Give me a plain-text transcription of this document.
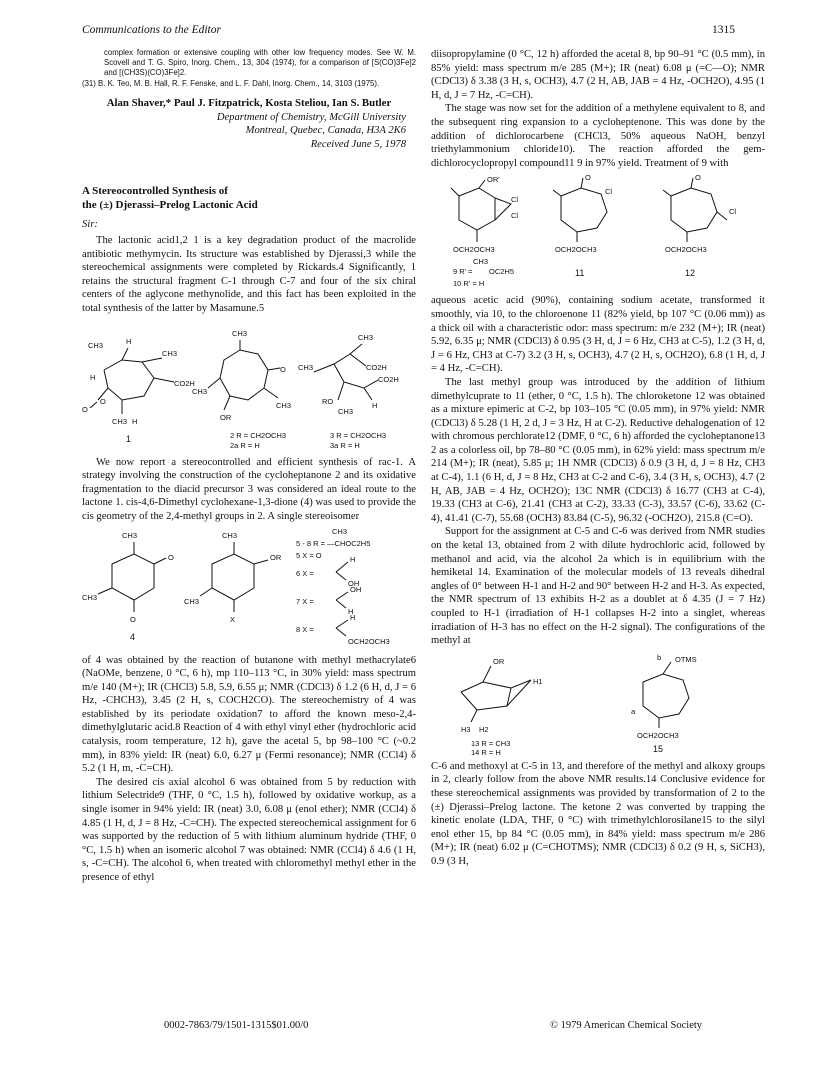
Communications to the Editor	1315

complex formation or extensive coupling with other low frequency modes. See W. M. Scovell and T. G. Spiro, Inorg. Chem., 13, 304 (1974), for a comparison of [S(CO)3Fe]2 and [(CH3S)(CO)3Fe]2.

(31) B. K. Teo, M. B. Hall, R. F. Fenske, and L. F. Dahl, Inorg. Chem., 14, 3103 (1975).

Alan Shaver,* Paul J. Fitzpatrick, Kosta Steliou, Ian S. Butler
Department of Chemistry, McGill University
Montreal, Quebec, Canada, H3A 2K6
Received June 5, 1978
A Stereocontrolled Synthesis of
the (±) Djerassi–Prelog Lactonic Acid
Sir:

The lactonic acid1,2 1 is a key degradation product of the macrolide antibiotic methymycin. Its structure was established by Djerassi,3 while the stereochemical assignments were completed by Rickards.4 Significantly, 1 retains the structural fragment C-1 through C-7 and four of the six chiral centers of the aglycone methynolide, and this fact has been exploited in the total synthesis of the latter by Masamune.5

CH3	H
CH3
H
CO2H
O
O
CH3 H
1
CH3
O
CH3
CH3
OR
2 R = CH2OCH3
2a R = H
CH3
CO2H
CH3
CO2H
RO	H
CH3
3 R = CH2OCH3
3a R = H

We now report a stereocontrolled and efficient synthesis of rac-1. A strategy involving the construction of the cycloheptanone 2 and its oxidative fragmentation to the diacid precursor 3 was considered an ideal route to the lactone 1. cis-4,6-Dimethyl cyclohexane-1,3-dione (4) was used to provide the cis geometry of the 2,4-methyl groups in 2. A single stereoisomer

CH3
CH3
O
O
4
CH3
OR
CH3
X
CH3
5 - 8 R = —CHOC2H5
5 X = O
6 X =
H
OH
7 X =
OH
H
8 X =
H
OCH2OCH3

of 4 was obtained by the reaction of butanone with methyl methacrylate6 (NaOMe, benzene, 0 °C, 6 h), mp 110–113 °C, in 30% yield: mass spectrum m/e 140 (M+); IR (CHCl3) 5.8, 5.9, 6.55 μ; NMR (CDCl3) δ 1.2 (6 H, d, J = 6 Hz, -CHCH3), 3.45 (2 H, s, COCH2CO). The stereochemistry of 4 was established by its periodate oxidation7 to afford the known meso-2,4-dimethylglutaric acid.8 Reaction of 4 with ethyl vinyl ether (hydrochloric acid catalysis, room temperature, 12 h), gave the acetal 5, bp 98–100 °C (~0.2 mm), in 83% yield: IR (neat) 6.0, 6.27 μ (Fermi resonance); NMR (CCl4) δ 5.2 (1 H, m, -C=CH).

The desired cis axial alcohol 6 was obtained from 5 by reduction with lithium Selectride9 (THF, 0 °C, 1.5 h), followed by oxidative workup, as a single isomer in 94% yield: IR (neat) 3.0, 6.08 μ (enol ether); NMR (CCl4) δ 4.85 (1 H, d, J = 8 Hz, -C=CH). The expected stereochemical assignment for 6 was supported by the reduction of 5 with lithium aluminum hydride (THF, 0 °C, 1.5 h) when an isomeric alcohol 7 was obtained: NMR (CCl4) δ 4.6 (1 H, s, -C=CH). The alcohol 6, when treated with chloromethyl methyl ether in the presence of ethyl

diisopropylamine (0 °C, 12 h) afforded the acetal 8, bp 90–91 °C (0.5 mm), in 85% yield: mass spectrum m/e 285 (M+); IR (neat) 6.08 μ (=C—O); NMR (CDCl3) δ 3.38 (3 H, s, OCH3), 4.7 (2 H, AB, JAB = 4 Hz, -OCH2O), 4.95 (1 H, d, J = 7 Hz, -C=CH).

The stage was now set for the addition of a methylene equivalent to 8, and the subsequent ring expansion to a cycloheptenone. This was done by the addition of dichlorocarbene (CHCl3, 50% aqueous NaOH, benzyl triethylammonium chloride10). The reaction afforded the gem-dichlorocyclopropyl compound11 9 in 97% yield. Treatment of 9 with

OR'
Cl
Cl
OCH2OCH3
CH3
9 R' = OC2H5
10 R' = H
O
Cl
OCH2OCH3
11
O
Cl
OCH2OCH3
12

aqueous acetic acid (90%), containing sodium acetate, transformed it smoothly, via 10, to the chloroenone 11 (82% yield, bp 107 °C (0.06 mm)) as a thick oil with a characteristic odor: mass spectrum: m/e 232 (M+); IR (neat) 5.92, 6.35 μ; NMR (CDCl3) δ 0.95 (3 H, d, J = 6 Hz, CH3 at C-5), 1.2 (3 H, d, J = 6 Hz, CH3 at C-7) 3.2 (3 H, s, OCH3), 4.7 (2 H, s, OCH2O), 6.8 (1 H, d, J = 4 Hz, -C=CH).

The last methyl group was introduced by the addition of lithium dimethylcuprate to 11 (ether, 0 °C, 1.5 h). The chloroketone 12 was obtained as a mixture epimeric at C-2, bp 103–105 °C (0.05 mm), in 97% yield: NMR (CDCl3) δ 5.28 (1 H, 2 d, J = 3 Hz, H at C-2). Reductive dehalogenation of 12 with chromous perchlorate12 (DMF, 0 °C, 6 h) afforded the cycloheptanone13 2 as a colorless oil, bp 78–80 °C (0.05 mm), in 62% yield: mass spectrum m/e 214 (M+); IR (neat), 5.85 μ; 1H NMR (CDCl3) δ 0.9 (3 H, d, J = 8 Hz, CH3 at C-4), 1.1 (6 H, d, J = 8 Hz, CH3 at C-2 and C-6), 3.4 (3 H, s, OCH3), 4.7 (2 H, AB, JAB = 4 Hz, OCH2O); 13C NMR (CDCl3) δ 16.77 (CH3 at C-4), 19.33 (CH3 at C-6), 21.41 (CH3 at C-2), 33.33 (C-3), 33.57 (C-6), 33.62 (C-4), 41.41 (C-7), 55.68 (OCH3) 83.84 (C-5), 96.32 (-OCH2O), 215.8 (C=O).

Support for the assignment at C-5 and C-6 was derived from NMR studies on the ketal 13, obtained from 2 with dilute hydrochloric acid, followed by methanol and acid, via the alcohol 2a which is in equilibrium with the hemiketal 14. Examination of the molecular models of 13 reveals dihedral angles of 0° between H-1 and H-2 and 90° between H-2 and H-3. As expected, the NMR spectrum of 13 exhibits H-2 as a doublet at δ 4.35 (J = 7 Hz) coupled to H-1 (irradiation of H-1 collapses H-2 into a singlet, whereas irradiation of H-3 has no effect on the H-2 signal). The configurations of the methyl at

OR
H1
H3 H2
13 R = CH3
14 R = H
b OTMS
a
OCH2OCH3
15

C-6 and methoxyl at C-5 in 13, and therefore of the methyl and alkoxy groups in 2, clearly follow from the above NMR results.14 Conclusive evidence for these stereochemical assignments was provided by transformation of 2 to the (±) Djerassi–Prelog lactone. The ketone 2 was converted by trapping the kinetic enolate (LDA, THF, 0 °C) with trimethylchlorosilane15 to the silyl enol ether 15, bp 84 °C (0.05 mm), in 84% yield: mass spectrum m/e 286 (M+); IR (neat) 6.02 μ (C=CHOTMS); NMR (CDCl3) δ 0.2 (9 H, s, SiCH3), 0.9 (3 H,

0002-7863/79/1501-1315$01.00/0	© 1979 American Chemical Society
